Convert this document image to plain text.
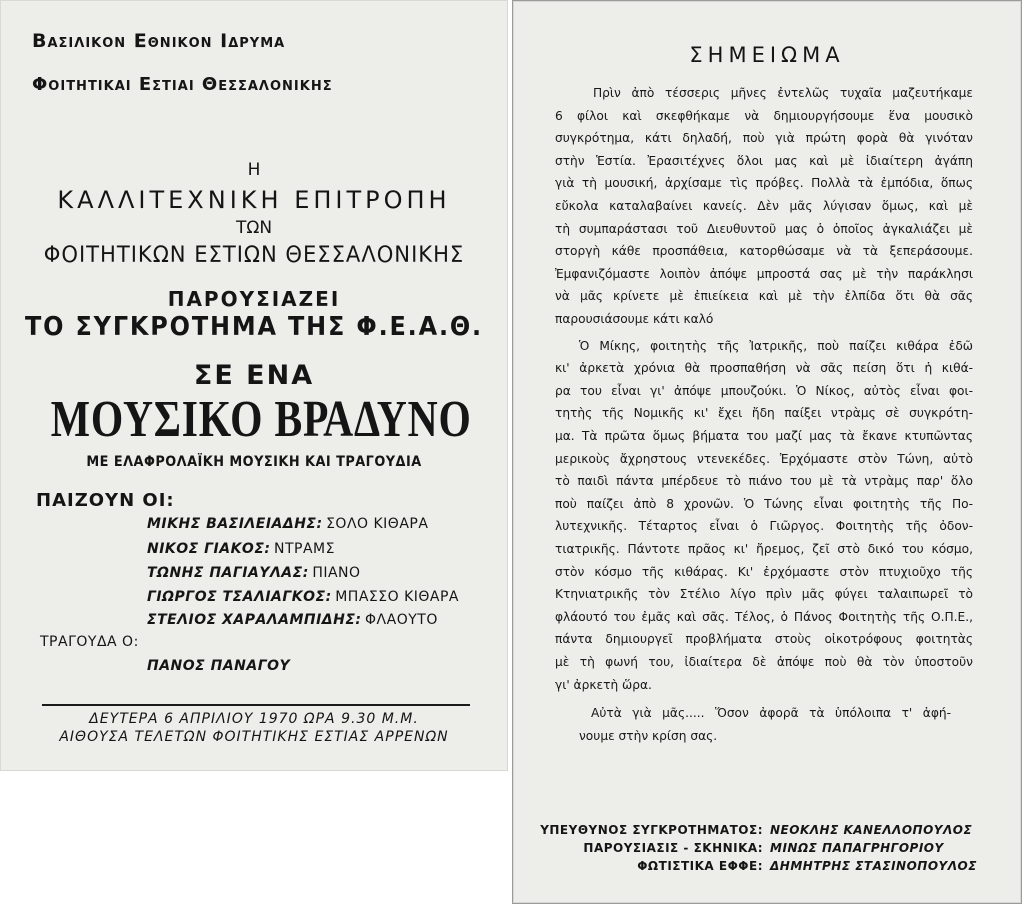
Βασιλικον Εθνικον Ιδρυμα
Φοιτητικαι Εστιαι Θεσσαλονικης
Η
ΚΑΛΛΙΤΕΧΝΙΚΗ ΕΠΙΤΡΟΠΗ
ΤΩΝ
ΦΟΙΤΗΤΙΚΩΝ ΕΣΤΙΩΝ ΘΕΣΣΑΛΟΝΙΚΗΣ
ΠΑΡΟΥΣΙΑΖΕΙ
ΤΟ ΣΥΓΚΡΟΤΗΜΑ ΤΗΣ Φ.Ε.Α.Θ.
ΣΕ ΕΝΑ
ΜΟΥΣΙΚΟ ΒΡΑΔΥΝΟ
ΜΕ ΕΛΑΦΡΟΛΑΪΚΗ ΜΟΥΣΙΚΗ ΚΑΙ ΤΡΑΓΟΥΔΙΑ
ΠΑΙΖΟΥΝ ΟΙ:
ΜΙΚΗΣ ΒΑΣΙΛΕΙΑΔΗΣ: ΣΟΛΟ ΚΙΘΑΡΑ
ΝΙΚΟΣ ΓΙΑΚΟΣ: ΝΤΡΑΜΣ
ΤΩΝΗΣ ΠΑΓΙΑΥΛΑΣ: ΠΙΑΝΟ
ΓΙΩΡΓΟΣ ΤΣΑΛΙΑΓΚΟΣ: ΜΠΑΣΣΟ ΚΙΘΑΡΑ
ΣΤΕΛΙΟΣ ΧΑΡΑΛΑΜΠΙΔΗΣ: ΦΛΑΟΥΤΟ
ΤΡΑΓΟΥΔΑ Ο:
ΠΑΝΟΣ ΠΑΝΑΓΟΥ
ΔΕΥΤΕΡΑ 6 ΑΠΡΙΛΙΟΥ 1970 ΩΡΑ 9.30 Μ.Μ.
ΑΙΘΟΥΣΑ ΤΕΛΕΤΩΝ ΦΟΙΤΗΤΙΚΗΣ ΕΣΤΙΑΣ ΑΡΡΕΝΩΝ
ΣΗΜΕΙΩΜΑ
Πρὶν ἀπὸ τέσσερις μῆνες ἐντελῶς τυχαῖα μαζευτήκαμε
6 φίλοι καὶ σκεφθήκαμε νὰ δημιουργήσουμε ἕνα μουσικὸ
συγκρότημα, κάτι δηλαδή, ποὺ γιὰ πρώτη φορὰ θὰ γινόταν
στὴν Ἑστία. Ἐρασιτέχνες ὅλοι μας καὶ μὲ ἰδιαίτερη ἀγάπη
γιὰ τὴ μουσική, ἀρχίσαμε τὶς πρόβες. Πολλὰ τὰ ἐμπόδια, ὅπως
εὔκολα καταλαβαίνει κανείς. Δὲν μᾶς λύγισαν ὅμως, καὶ μὲ
τὴ συμπαράστασι τοῦ Διευθυντοῦ μας ὁ ὁποῖος ἀγκαλιάζει μὲ
στοργὴ κάθε προσπάθεια, κατορθώσαμε νὰ τὰ ξεπεράσουμε.
Ἐμφανιζόμαστε λοιπὸν ἀπόψε μπροστά σας μὲ τὴν παράκλησι
νὰ μᾶς κρίνετε μὲ ἐπιείκεια καὶ μὲ τὴν ἐλπίδα ὅτι θὰ σᾶς
παρουσιάσουμε κάτι καλό
Ὁ Μίκης, φοιτητὴς τῆς Ἰατρικῆς, ποὺ παίζει κιθάρα ἐδῶ
κι' ἀρκετὰ χρόνια θὰ προσπαθήση νὰ σᾶς πείση ὅτι ἡ κιθά-
ρα του εἶναι γι' ἀπόψε μπουζούκι. Ὁ Νίκος, αὐτὸς εἶναι φοι-
τητὴς τῆς Νομικῆς κι' ἔχει ἤδη παίξει ντρὰμς σὲ συγκρότη-
μα. Τὰ πρῶτα ὅμως βήματα του μαζί μας τὰ ἔκανε κτυπῶντας
μερικοὺς ἄχρηστους ντενεκέδες. Ἐρχόμαστε στὸν Τώνη, αὐτὸ
τὸ παιδὶ πάντα μπέρδευε τὸ πιάνο του μὲ τὰ ντρὰμς παρ' ὅλο
ποὺ παίζει ἀπὸ 8 χρονῶν. Ὁ Τώνης εἶναι φοιτητὴς τῆς Πο-
λυτεχνικῆς. Τέταρτος εἶναι ὁ Γιῶργος. Φοιτητὴς τῆς ὀδον-
τιατρικῆς. Πάντοτε πρᾶος κι' ἤρεμος, ζεῖ στὸ δικό του κόσμο,
στὸν κόσμο τῆς κιθάρας. Κι' ἐρχόμαστε στὸν πτυχιοῦχο τῆς
Κτηνιατρικῆς τὸν Στέλιο λίγο πρὶν μᾶς φύγει ταλαιπωρεῖ τὸ
φλάουτό του ἐμᾶς καὶ σᾶς. Τέλος, ὁ Πάνος Φοιτητὴς τῆς Ο.Π.Ε.,
πάντα δημιουργεῖ προβλήματα στοὺς οἰκοτρόφους φοιτητὰς
μὲ τὴ φωνή του, ἰδιαίτερα δὲ ἀπόψε ποὺ θὰ τὸν ὑποστοῦν
γι' ἀρκετὴ ὥρα.
Αὐτὰ γιὰ μᾶς..... Ὅσον ἀφορᾶ τὰ ὑπόλοιπα τ' ἀφή-
νουμε στὴν κρίση σας.
ΥΠΕΥΘΥΝΟΣ ΣΥΓΚΡΟΤΗΜΑΤΟΣ: ΝΕΟΚΛΗΣ ΚΑΝΕΛΛΟΠΟΥΛΟΣ
ΠΑΡΟΥΣΙΑΣΙΣ - ΣΚΗΝΙΚΑ: ΜΙΝΩΣ ΠΑΠΑΓΡΗΓΟΡΙΟΥ
ΦΩΤΙΣΤΙΚΑ ΕΦΦΕ: ΔΗΜΗΤΡΗΣ ΣΤΑΣΙΝΟΠΟΥΛΟΣ
